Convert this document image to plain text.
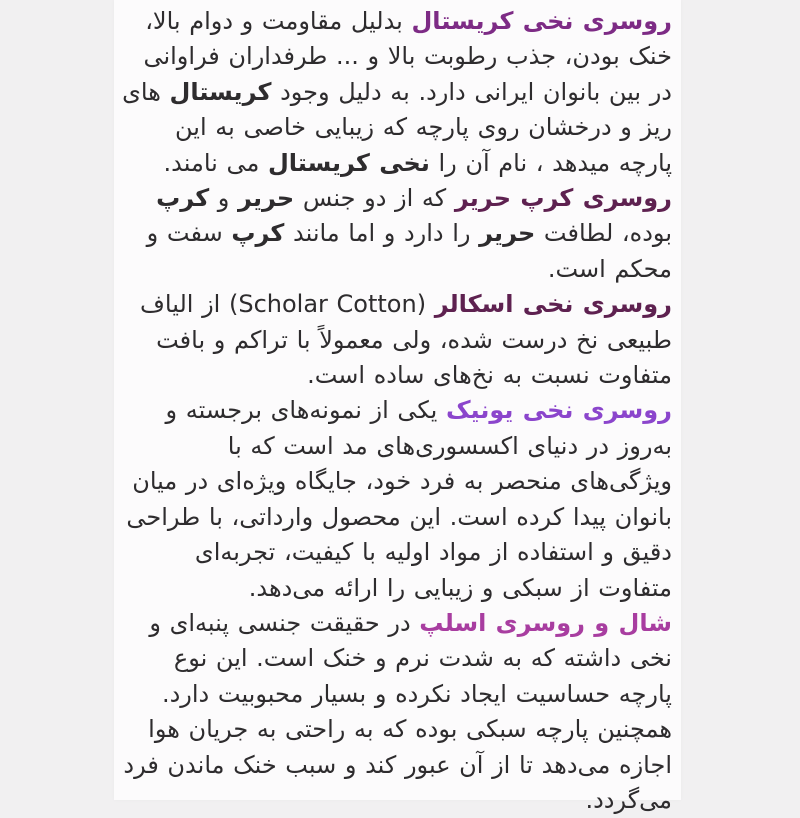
روسری نخی کریستال بدلیل مقاومت و دوام بالا، خنک بودن، جذب رطوبت بالا و ... طرفداران فراوانی در بین بانوان ایرانی دارد. به دلیل وجود کریستال های ریز و درخشان روی پارچه که زیبایی خاصی به این پارچه میدهد ، نام آن را نخی کریستال می نامند.

روسری کرپ حریر که از دو جنس حریر و کرپ بوده، لطافت حریر را دارد و اما مانند کرپ سفت و محکم است.

روسری نخی اسکالر (Scholar Cotton) از الیاف طبیعی نخ درست شده، ولی معمولاً با تراکم و بافت متفاوت نسبت به نخ‌های ساده است.

روسری نخی یونیک یکی از نمونه‌های برجسته و به‌روز در دنیای اکسسوری‌های مد است که با ویژگی‌های منحصر به فرد خود، جایگاه ویژه‌ای در میان بانوان پیدا کرده است. این محصول وارداتی، با طراحی دقیق و استفاده از مواد اولیه با کیفیت، تجربه‌ای متفاوت از سبکی و زیبایی را ارائه می‌دهد.

شال و روسری اسلپ در حقیقت جنسی پنبه‌ای و نخی داشته که به شدت نرم و خنک است. این نوع پارچه حساسیت ایجاد نکرده و بسیار محبوبیت دارد. همچنین پارچه سبکی بوده که به راحتی به جریان هوا اجازه می‌دهد تا از آن عبور کند و سبب خنک ماندن فرد می‌گردد.
